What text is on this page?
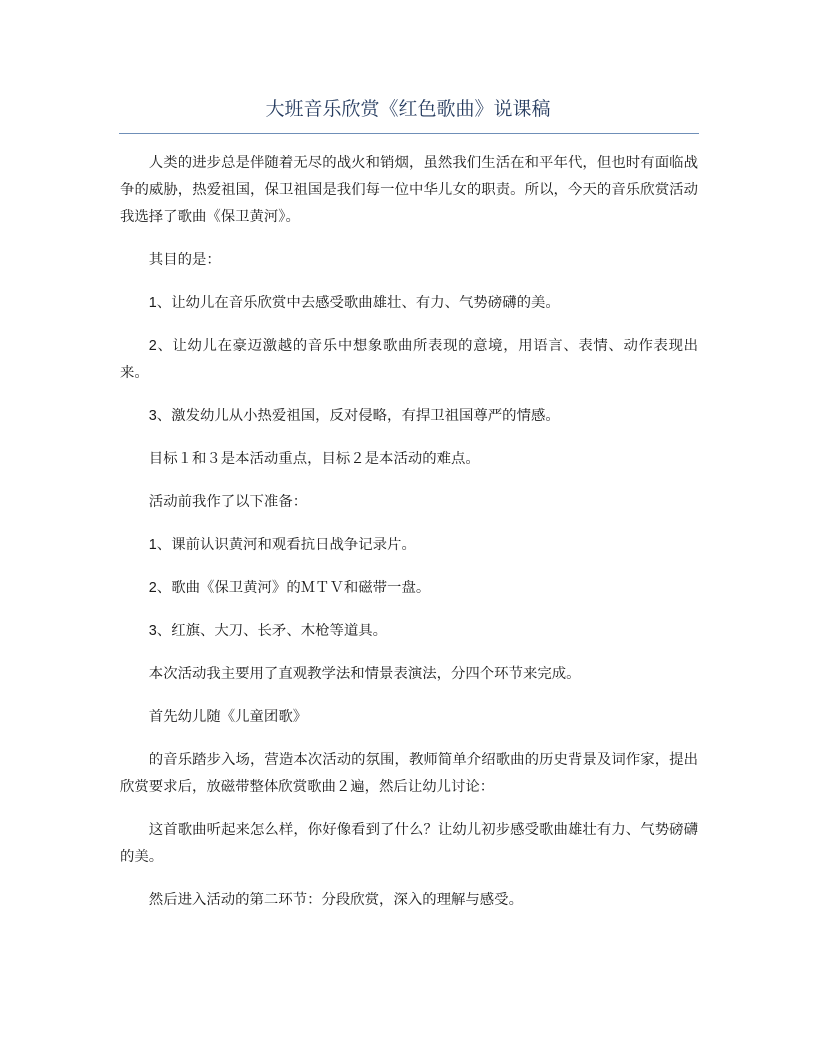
大班音乐欣赏《红色歌曲》说课稿

人类的进步总是伴随着无尽的战火和销烟，虽然我们生活在和平年代，但也时有面临战争的威胁，热爱祖国，保卫祖国是我们每一位中华儿女的职责。所以，今天的音乐欣赏活动我选择了歌曲《保卫黄河》。

其目的是：

1、让幼儿在音乐欣赏中去感受歌曲雄壮、有力、气势磅礴的美。

2、让幼儿在豪迈激越的音乐中想象歌曲所表现的意境，用语言、表情、动作表现出来。

3、激发幼儿从小热爱祖国，反对侵略，有捍卫祖国尊严的情感。

目标１和３是本活动重点，目标２是本活动的难点。

活动前我作了以下准备：

1、课前认识黄河和观看抗日战争记录片。

2、歌曲《保卫黄河》的ＭＴＶ和磁带一盘。

3、红旗、大刀、长矛、木枪等道具。

本次活动我主要用了直观教学法和情景表演法，分四个环节来完成。

首先幼儿随《儿童团歌》

的音乐踏步入场，营造本次活动的氛围，教师简单介绍歌曲的历史背景及词作家，提出欣赏要求后，放磁带整体欣赏歌曲２遍，然后让幼儿讨论：

这首歌曲听起来怎么样，你好像看到了什么？让幼儿初步感受歌曲雄壮有力、气势磅礴的美。

然后进入活动的第二环节：分段欣赏，深入的理解与感受。
